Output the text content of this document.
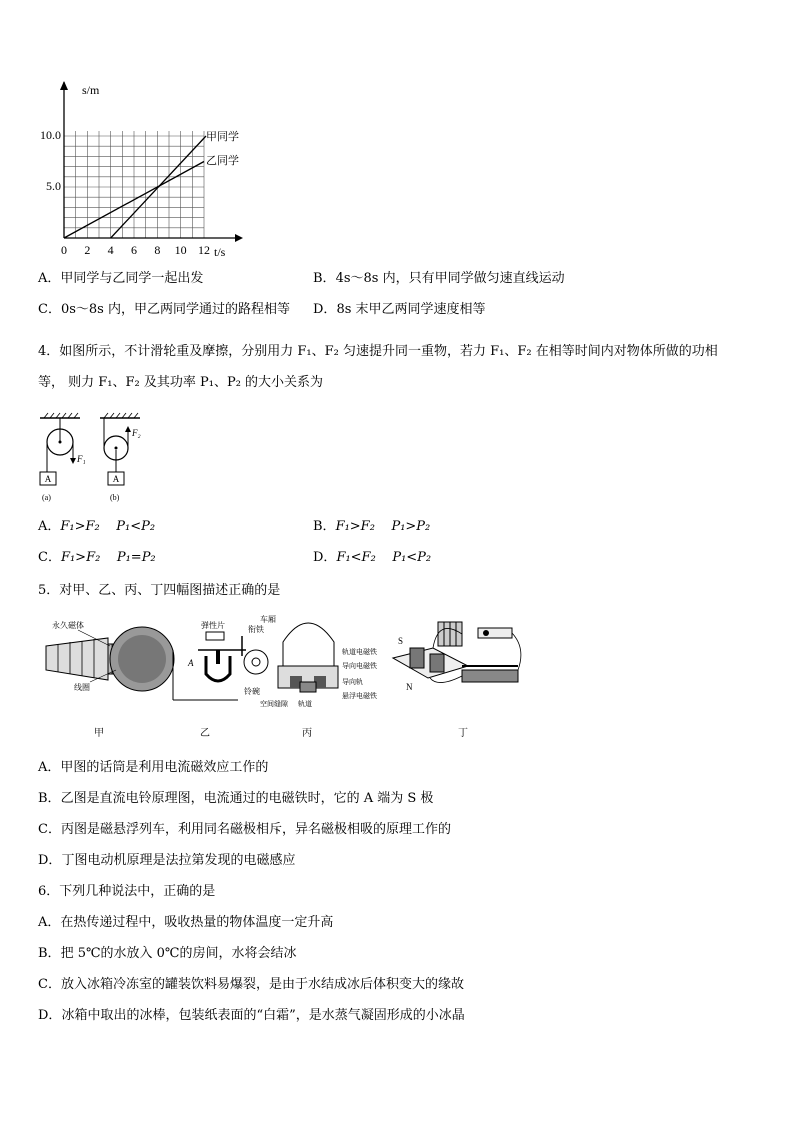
s/m
t/s
10.0
5.0
0 2 4 6 8 10 12
甲同学
乙同学
A．甲同学与乙同学一起出发	B．4s～8s 内，只有甲同学做匀速直线运动
C．0s～8s 内，甲乙两同学通过的路程相等 D．8s 末甲乙两同学速度相等
4．如图所示，不计滑轮重及摩擦，分别用力 F₁、F₂ 匀速提升同一重物，若力 F₁、F₂ 在相等时间内对物体所做的功相
等， 则力 F₁、F₂ 及其功率 P₁、P₂ 的大小关系为
F₁
A
(a)
F₂
A
(b)
A．F₁>F₂    P₁<P₂	B．F₁>F₂    P₁>P₂
C．F₁>F₂    P₁=P₂	D．F₁<F₂    P₁<P₂
5．对甲、乙、丙、丁四幅图描述正确的是
永久磁体
线圈
弹性片	衔铁
A
铃碗
车厢
轨道电磁铁
导向电磁铁
导向轨
悬浮电磁铁
空间缝隙 轨道
S
N
甲	乙	丙	丁
A．甲图的话筒是利用电流磁效应工作的
B．乙图是直流电铃原理图，电流通过的电磁铁时，它的 A 端为 S 极
C．丙图是磁悬浮列车，利用同名磁极相斥，异名磁极相吸的原理工作的
D．丁图电动机原理是法拉第发现的电磁感应
6．下列几种说法中，正确的是
A．在热传递过程中，吸收热量的物体温度一定升高
B．把 5℃的水放入 0℃的房间，水将会结冰
C．放入冰箱冷冻室的罐装饮料易爆裂，是由于水结成冰后体积变大的缘故
D．冰箱中取出的冰棒，包装纸表面的“白霜”，是水蒸气凝固形成的小冰晶
